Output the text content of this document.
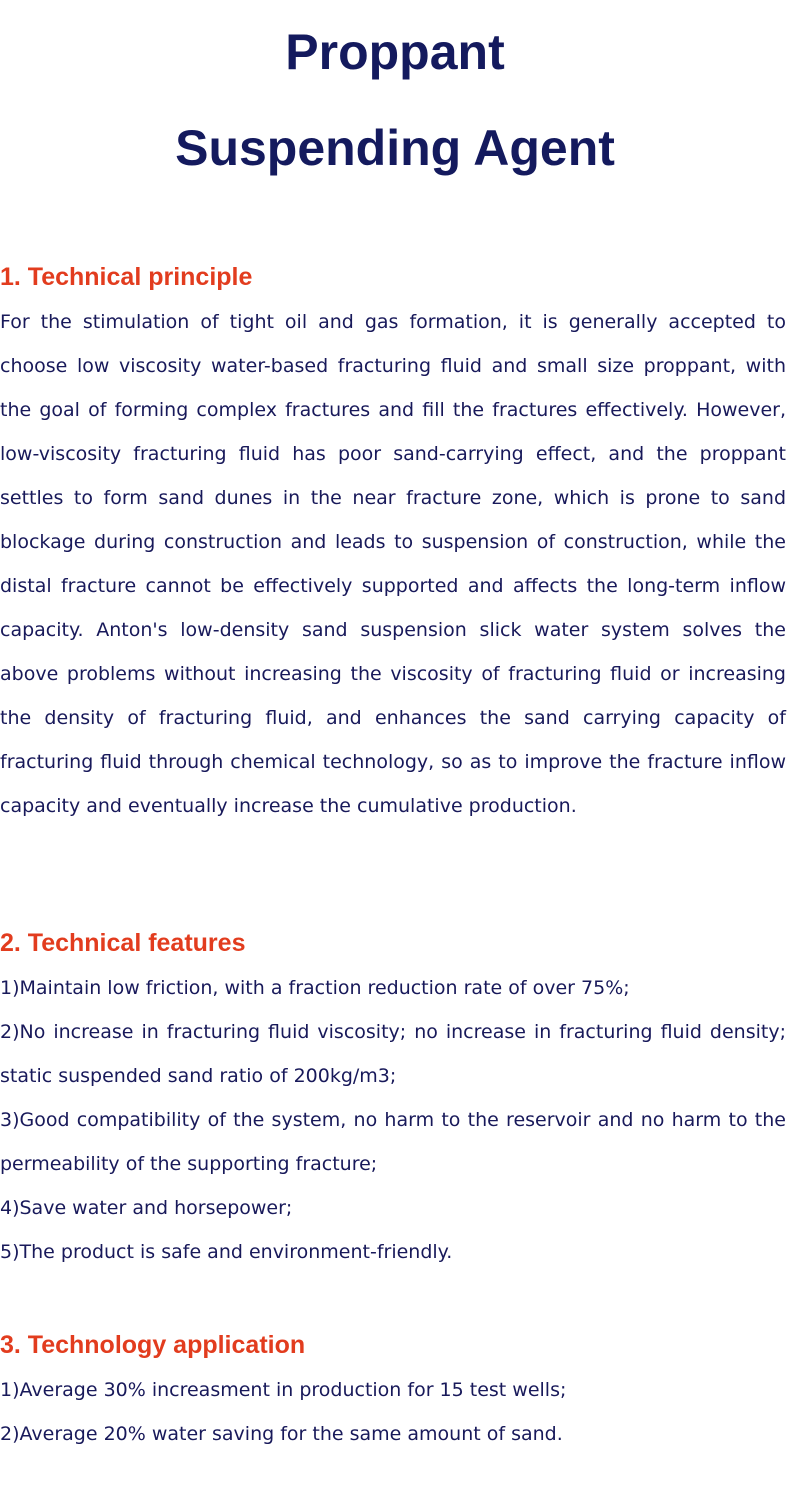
Proppant
Suspending Agent
1. Technical principle

For the stimulation of tight oil and gas formation, it is generally accepted to choose low viscosity water-based fracturing fluid and small size proppant, with the goal of forming complex fractures and fill the fractures effectively. However, low-viscosity fracturing fluid has poor sand-carrying effect, and the proppant settles to form sand dunes in the near fracture zone, which is prone to sand blockage during construction and leads to suspension of construction, while the distal fracture cannot be effectively supported and affects the long-term inflow capacity. Anton's low-density sand suspension slick water system solves the above problems without increasing the viscosity of fracturing fluid or increasing the density of fracturing fluid, and enhances the sand carrying capacity of fracturing fluid through chemical technology, so as to improve the fracture inflow capacity and eventually increase the cumulative production.

2. Technical features
1)Maintain low friction, with a fraction reduction rate of over 75%;
2)No increase in fracturing fluid viscosity; no increase in fracturing fluid density; static suspended sand ratio of 200kg/m3;
3)Good compatibility of the system, no harm to the reservoir and no harm to the permeability of the supporting fracture;
4)Save water and horsepower;
5)The product is safe and environment-friendly.
3. Technology application
1)Average 30% increasment in production for 15 test wells;
2)Average 20% water saving for the same amount of sand.
